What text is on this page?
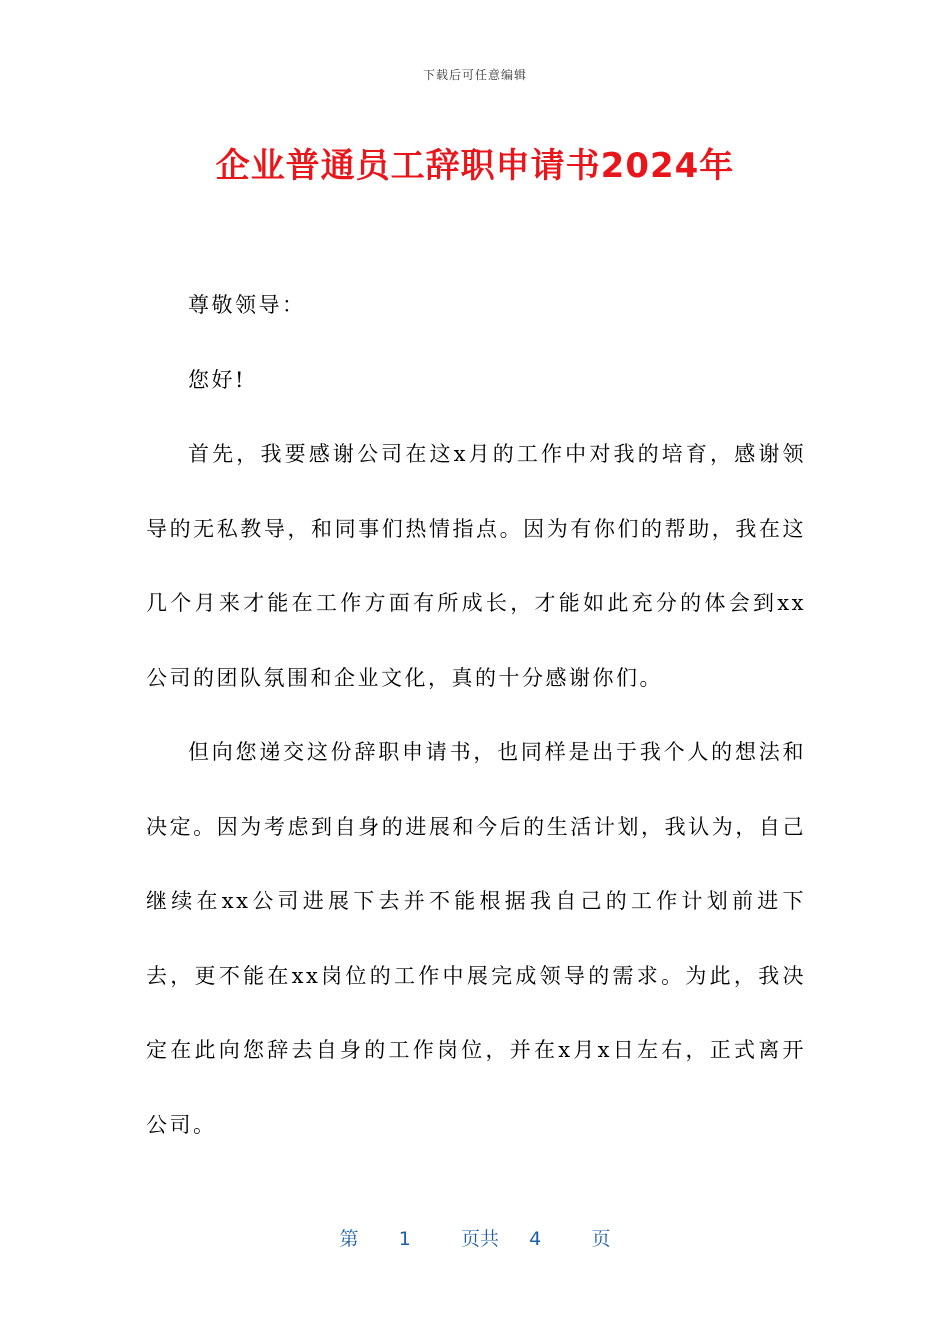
下载后可任意编辑
企业普通员工辞职申请书2024年

尊敬领导：

您好!

首先，我要感谢公司在这x月的工作中对我的培育，感谢领导的无私教导，和同事们热情指点。因为有你们的帮助，我在这几个月来才能在工作方面有所成长，才能如此充分的体会到xx公司的团队氛围和企业文化，真的十分感谢你们。

但向您递交这份辞职申请书，也同样是出于我个人的想法和决定。因为考虑到自身的进展和今后的生活计划，我认为，自己继续在xx公司进展下去并不能根据我自己的工作计划前进下去，更不能在xx岗位的工作中展完成领导的需求。为此，我决定在此向您辞去自身的工作岗位，并在x月x日左右，正式离开公司。

第 1	页共 4	页
